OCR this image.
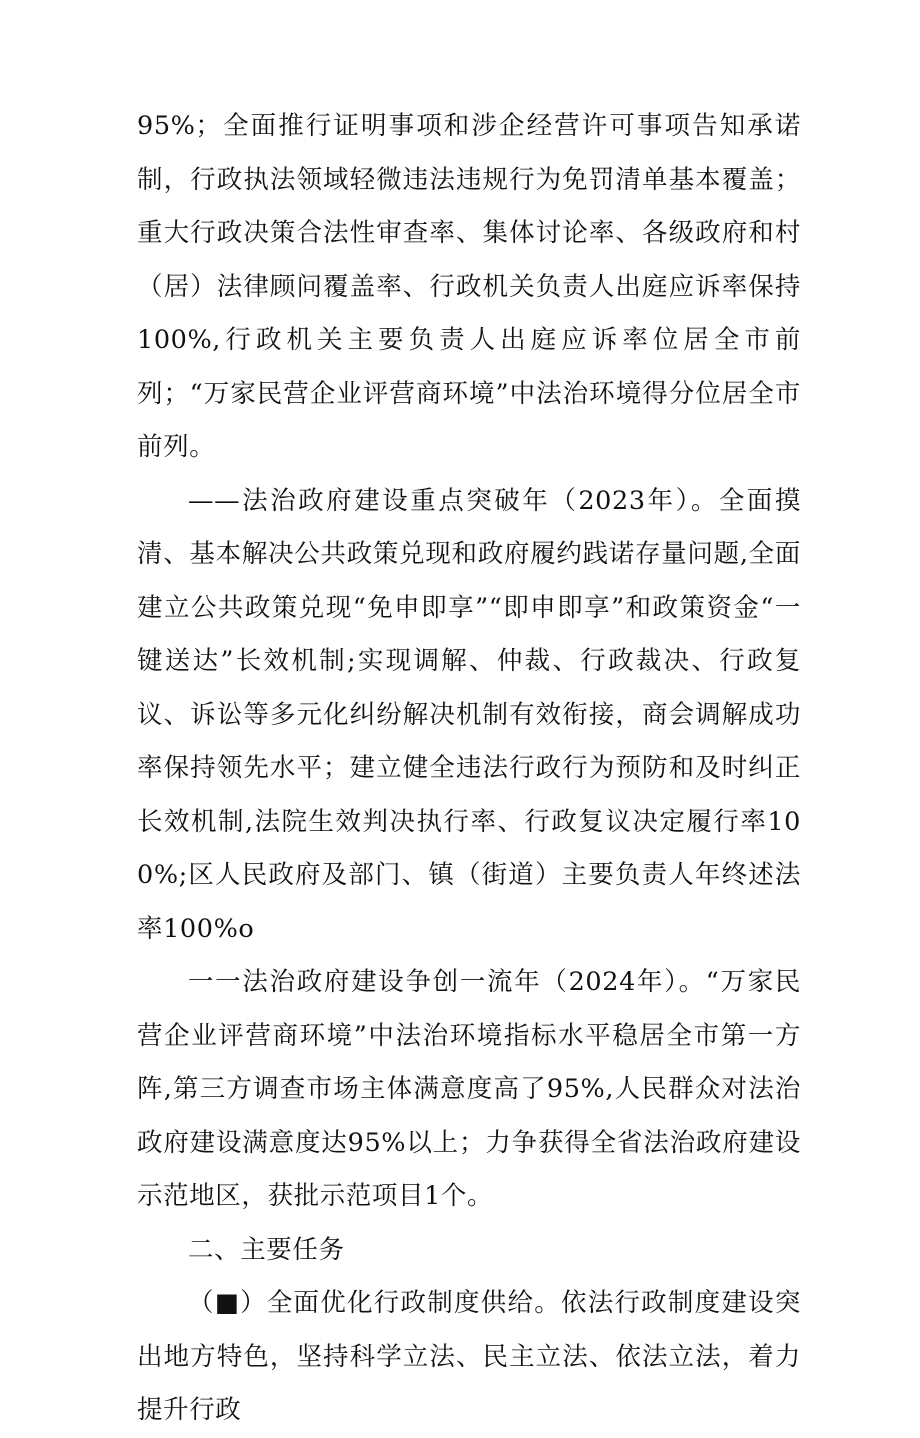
95%；全面推行证明事项和涉企经营许可事项告知承诺制，行政执法领域轻微违法违规行为免罚清单基本覆盖；重大行政决策合法性审查率、集体讨论率、各级政府和村（居）法律顾问覆盖率、行政机关负责人出庭应诉率保持100%,行政机关主要负责人出庭应诉率位居全市前列；“万家民营企业评营商环境”中法治环境得分位居全市前列。

——法治政府建设重点突破年（2023年）。全面摸清、基本解决公共政策兑现和政府履约践诺存量问题,全面建立公共政策兑现“免申即享”“即申即享”和政策资金“一键送达”长效机制;实现调解、仲裁、行政裁决、行政复议、诉讼等多元化纠纷解决机制有效衔接，商会调解成功率保持领先水平；建立健全违法行政行为预防和及时纠正长效机制,法院生效判决执行率、行政复议决定履行率100%;区人民政府及部门、镇（街道）主要负责人年终述法率100%o

一一法治政府建设争创一流年（2024年）。“万家民营企业评营商环境”中法治环境指标水平稳居全市第一方阵,第三方调查市场主体满意度高了95%,人民群众对法治政府建设满意度达95%以上；力争获得全省法治政府建设示范地区，获批示范项目1个。

二、主要任务

（■）全面优化行政制度供给。依法行政制度建设突出地方特色，坚持科学立法、民主立法、依法立法，着力提升行政
